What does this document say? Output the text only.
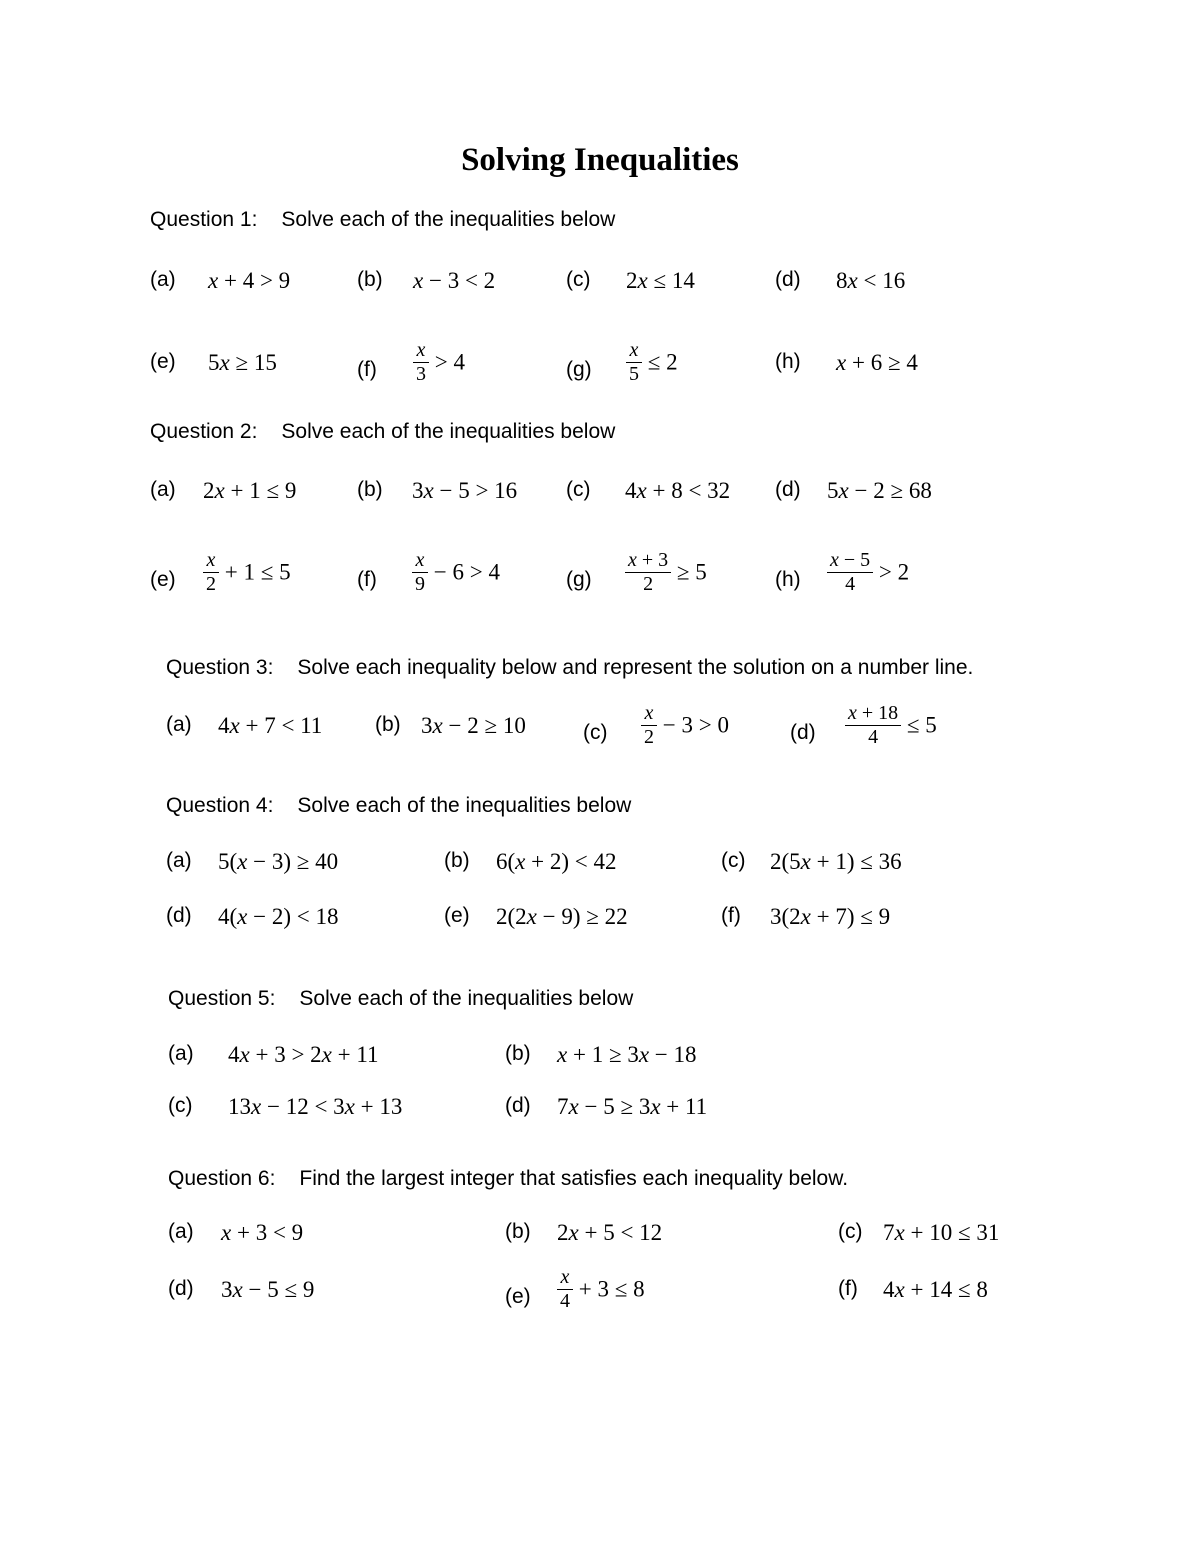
Solving Inequalities
Question 1: Solve each of the inequalities below
(a) x + 4 > 9	(b) x − 3 < 2	(c) 2x ≤ 14	(d) 8x < 16
(e) 5x ≥ 15	$(f) \frac{x}{3} > 4$	$(g) \frac{x}{5} \le 2$	(h) x + 6 ≥ 4
Question 2: Solve each of the inequalities below
(a) 2x + 1 ≤ 9	(b) 3x − 5 > 16 (c) 4x + 8 < 32 (d) 5x − 2 ≥ 68
$(e) \frac{x}{2} + 1 \le 5$	$(f) \frac{x}{9} - 6 > 4$	$(g) \frac{x + 3}{2} \ge 5$	$(h) \frac{x - 5}{4} > 2$
Question 3: Solve each inequality below and represent the solution on a number line.
(a) 4x + 7 < 11	(b) 3x − 2 ≥ 10	$(c) \frac{x}{2} - 3 > 0$	$(d) \frac{x + 18}{4} \le 5$
Question 4: Solve each of the inequalities below
(a) 5(x − 3) ≥ 40	(b) 6(x + 2) < 42	(c) 2(5x + 1) ≤ 36
(d) 4(x − 2) < 18	(e) 2(2x − 9) ≥ 22	(f) 3(2x + 7) ≤ 9
Question 5: Solve each of the inequalities below
(a) 4x + 3 > 2x + 11	(b) x + 1 ≥ 3x − 18
(c) 13x − 12 < 3x + 13	(d) 7x − 5 ≥ 3x + 11
Question 6: Find the largest integer that satisfies each inequality below.
(a) x + 3 < 9	(b) 2x + 5 < 12	(c) 7x + 10 ≤ 31
(d) 3x − 5 ≤ 9	$(e) \frac{x}{4} + 3 \le 8$	(f) 4x + 14 ≤ 8
